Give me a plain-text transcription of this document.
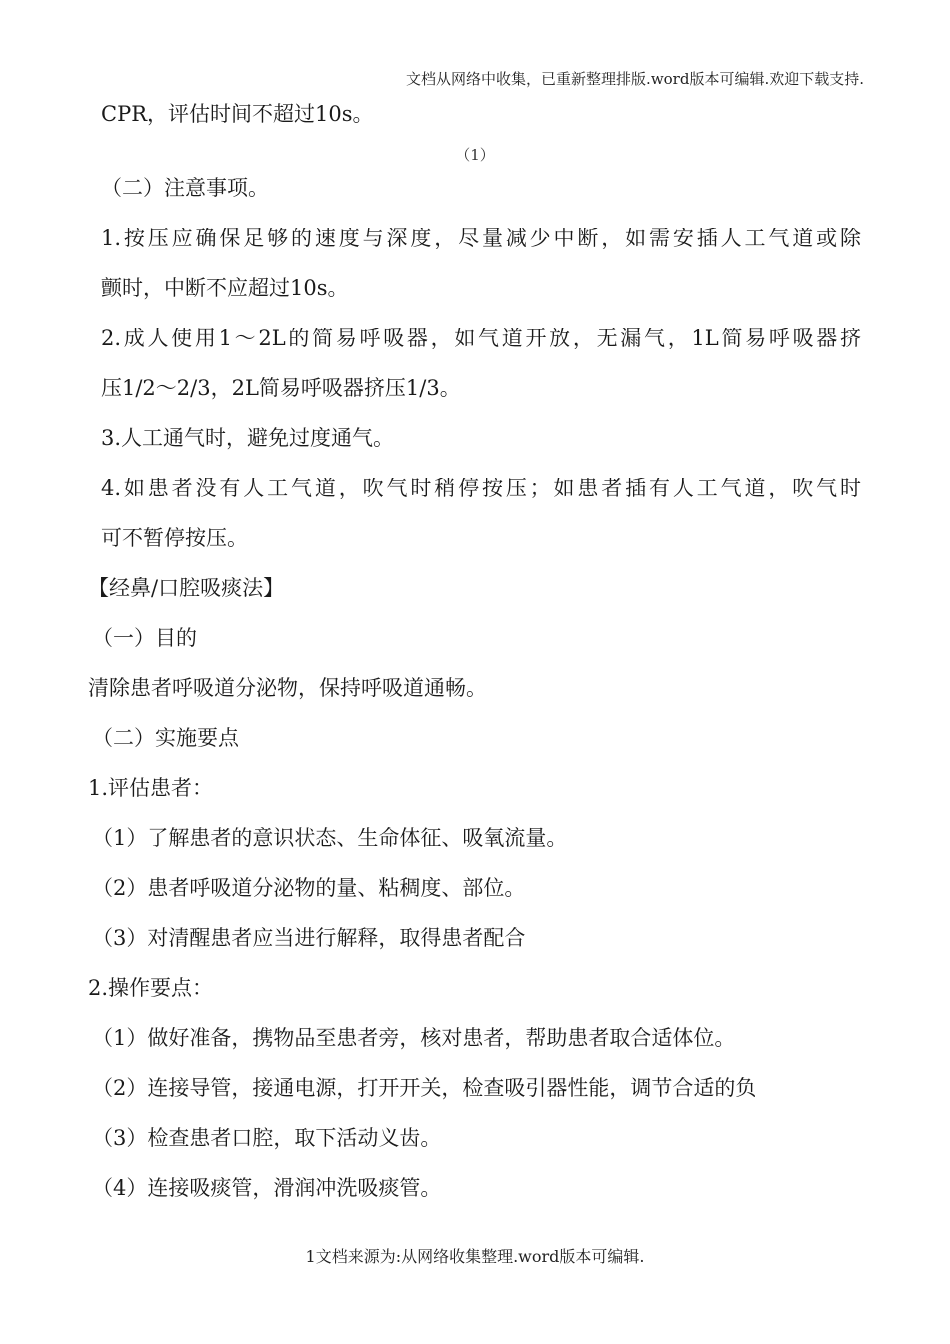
文档从网络中收集，已重新整理排版.word版本可编辑.欢迎下载支持.
CPR，评估时间不超过10s。
（1）
（二）注意事项。
1.按压应确保足够的速度与深度，尽量减少中断，如需安插人工气道或除
颤时，中断不应超过10s。
2.成人使用1～2L的简易呼吸器，如气道开放，无漏气，1L简易呼吸器挤
压1/2～2/3，2L简易呼吸器挤压1/3。
3.人工通气时，避免过度通气。
4.如患者没有人工气道，吹气时稍停按压；如患者插有人工气道，吹气时
可不暂停按压。
【经鼻/口腔吸痰法】
（一）目的
清除患者呼吸道分泌物，保持呼吸道通畅。
（二）实施要点
1.评估患者：
（1）了解患者的意识状态、生命体征、吸氧流量。
（2）患者呼吸道分泌物的量、粘稠度、部位。
（3）对清醒患者应当进行解释，取得患者配合
2.操作要点：
（1）做好准备，携物品至患者旁，核对患者，帮助患者取合适体位。
（2）连接导管，接通电源，打开开关，检查吸引器性能，调节合适的负
（3）检查患者口腔，取下活动义齿。
（4）连接吸痰管，滑润冲洗吸痰管。
1文档来源为:从网络收集整理.word版本可编辑.
